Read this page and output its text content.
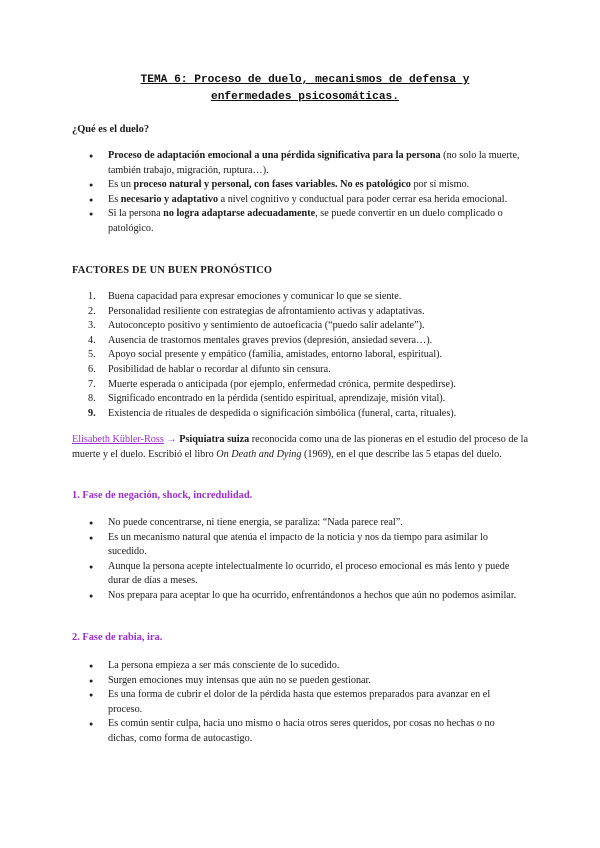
TEMA 6: Proceso de duelo, mecanismos de defensa y
enfermedades psicosomáticas.
¿Qué es el duelo?
● Proceso de adaptación emocional a una pérdida significativa para la persona (no solo la muerte, también trabajo, migración, ruptura…).
● Es un proceso natural y personal, con fases variables. No es patológico por sí mismo.
● Es necesario y adaptativo a nivel cognitivo y conductual para poder cerrar esa herida emocional.
● Si la persona no logra adaptarse adecuadamente, se puede convertir en un duelo complicado o patológico.
FACTORES DE UN BUEN PRONÓSTICO
1.	Buena capacidad para expresar emociones y comunicar lo que se siente.
2.	Personalidad resiliente con estrategias de afrontamiento activas y adaptativas.
3.	Autoconcepto positivo y sentimiento de autoeficacia (“puedo salir adelante”).
4.	Ausencia de trastornos mentales graves previos (depresión, ansiedad severa…).
5.	Apoyo social presente y empático (familia, amistades, entorno laboral, espiritual).
6.	Posibilidad de hablar o recordar al difunto sin censura.
7.	Muerte esperada o anticipada (por ejemplo, enfermedad crónica, permite despedirse).
8.	Significado encontrado en la pérdida (sentido espiritual, aprendizaje, misión vital).
9.	Existencia de rituales de despedida o significación simbólica (funeral, carta, rituales).
Elisabeth Kübler-Ross → Psiquiatra suiza reconocida como una de las pioneras en el estudio del proceso de la muerte y el duelo. Escribió el libro On Death and Dying (1969), en el que describe las 5 etapas del duelo.
1. Fase de negación, shock, incredulidad.
● No puede concentrarse, ni tiene energía, se paraliza: “Nada parece real”.
● Es un mecanismo natural que atenúa el impacto de la noticia y nos da tiempo para asimilar lo sucedido.
● Aunque la persona acepte intelectualmente lo ocurrido, el proceso emocional es más lento y puede durar de días a meses.
● Nos prepara para aceptar lo que ha ocurrido, enfrentándonos a hechos que aún no podemos asimilar.
2. Fase de rabia, ira.
● La persona empieza a ser más consciente de lo sucedido.
● Surgen emociones muy intensas que aún no se pueden gestionar.
● Es una forma de cubrir el dolor de la pérdida hasta que estemos preparados para avanzar en el proceso.
● Es común sentir culpa, hacia uno mismo o hacia otros seres queridos, por cosas no hechas o no dichas, como forma de autocastigo.
